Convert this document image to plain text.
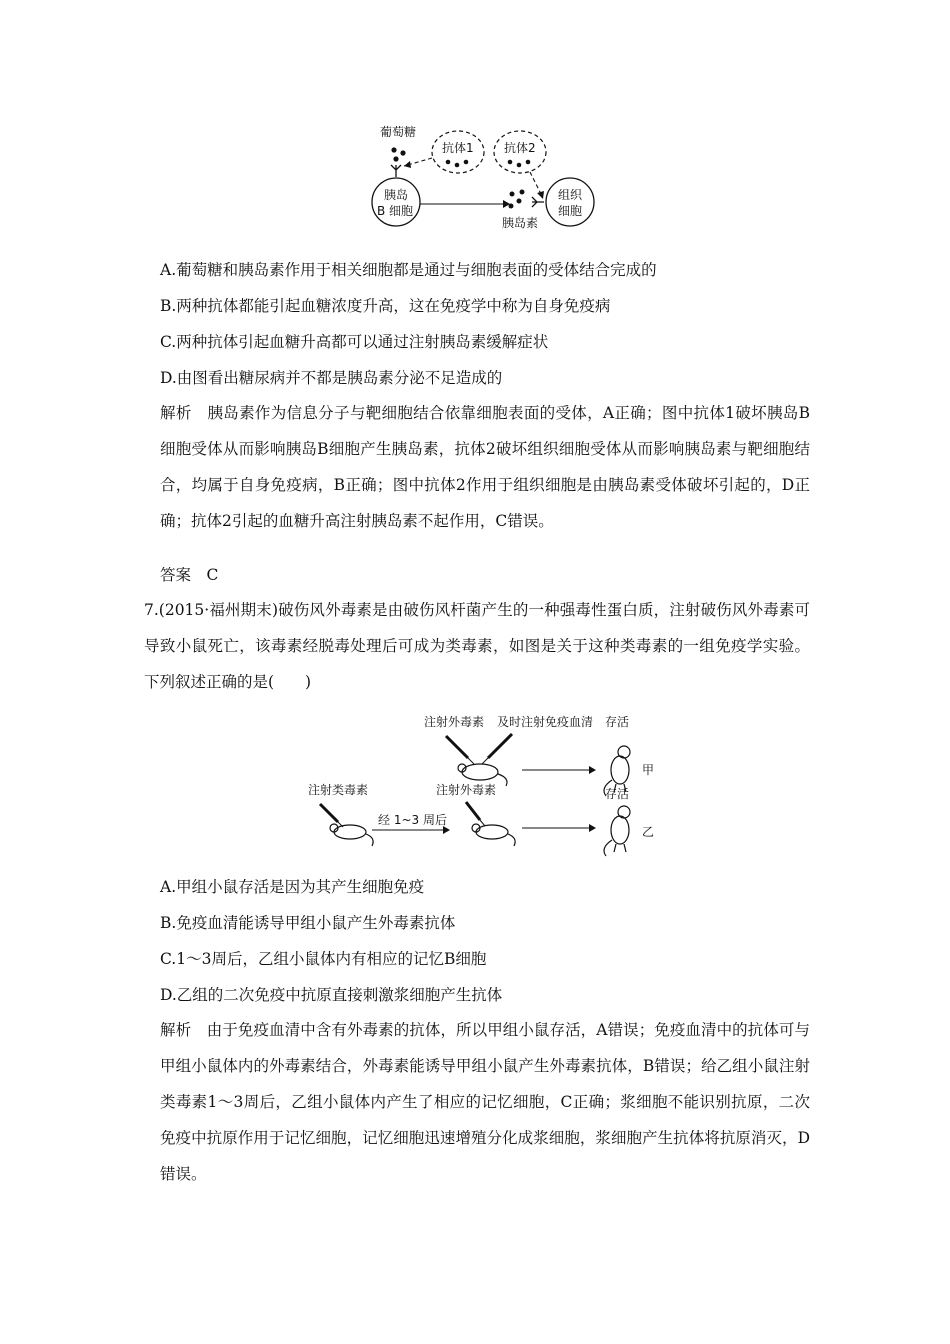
葡萄糖
抗体1	抗体2
胰岛
B 细胞
胰岛素
组织
细胞
A.葡萄糖和胰岛素作用于相关细胞都是通过与细胞表面的受体结合完成的
B.两种抗体都能引起血糖浓度升高，这在免疫学中称为自身免疫病
C.两种抗体引起血糖升高都可以通过注射胰岛素缓解症状
D.由图看出糖尿病并不都是胰岛素分泌不足造成的
解析　胰岛素作为信息分子与靶细胞结合依靠细胞表面的受体，A正确；图中抗体1破坏胰岛B细胞受体从而影响胰岛B细胞产生胰岛素，抗体2破坏组织细胞受体从而影响胰岛素与靶细胞结合，均属于自身免疫病，B正确；图中抗体2作用于组织细胞是由胰岛素受体破坏引起的，D正确；抗体2引起的血糖升高注射胰岛素不起作用，C错误。
答案　C
7.(2015·福州期末)破伤风外毒素是由破伤风杆菌产生的一种强毒性蛋白质，注射破伤风外毒素可导致小鼠死亡，该毒素经脱毒处理后可成为类毒素，如图是关于这种类毒素的一组免疫学实验。下列叙述正确的是(　　)
注射外毒素 及时注射免疫血清 存活
甲
注射类毒素	注射外毒素	存活
经 1~3 周后
乙
A.甲组小鼠存活是因为其产生细胞免疫
B.免疫血清能诱导甲组小鼠产生外毒素抗体
C.1～3周后，乙组小鼠体内有相应的记忆B细胞
D.乙组的二次免疫中抗原直接刺激浆细胞产生抗体
解析　由于免疫血清中含有外毒素的抗体，所以甲组小鼠存活，A错误；免疫血清中的抗体可与甲组小鼠体内的外毒素结合，外毒素能诱导甲组小鼠产生外毒素抗体，B错误；给乙组小鼠注射类毒素1～3周后，乙组小鼠体内产生了相应的记忆细胞，C正确；浆细胞不能识别抗原，二次免疫中抗原作用于记忆细胞，记忆细胞迅速增殖分化成浆细胞，浆细胞产生抗体将抗原消灭，D错误。
